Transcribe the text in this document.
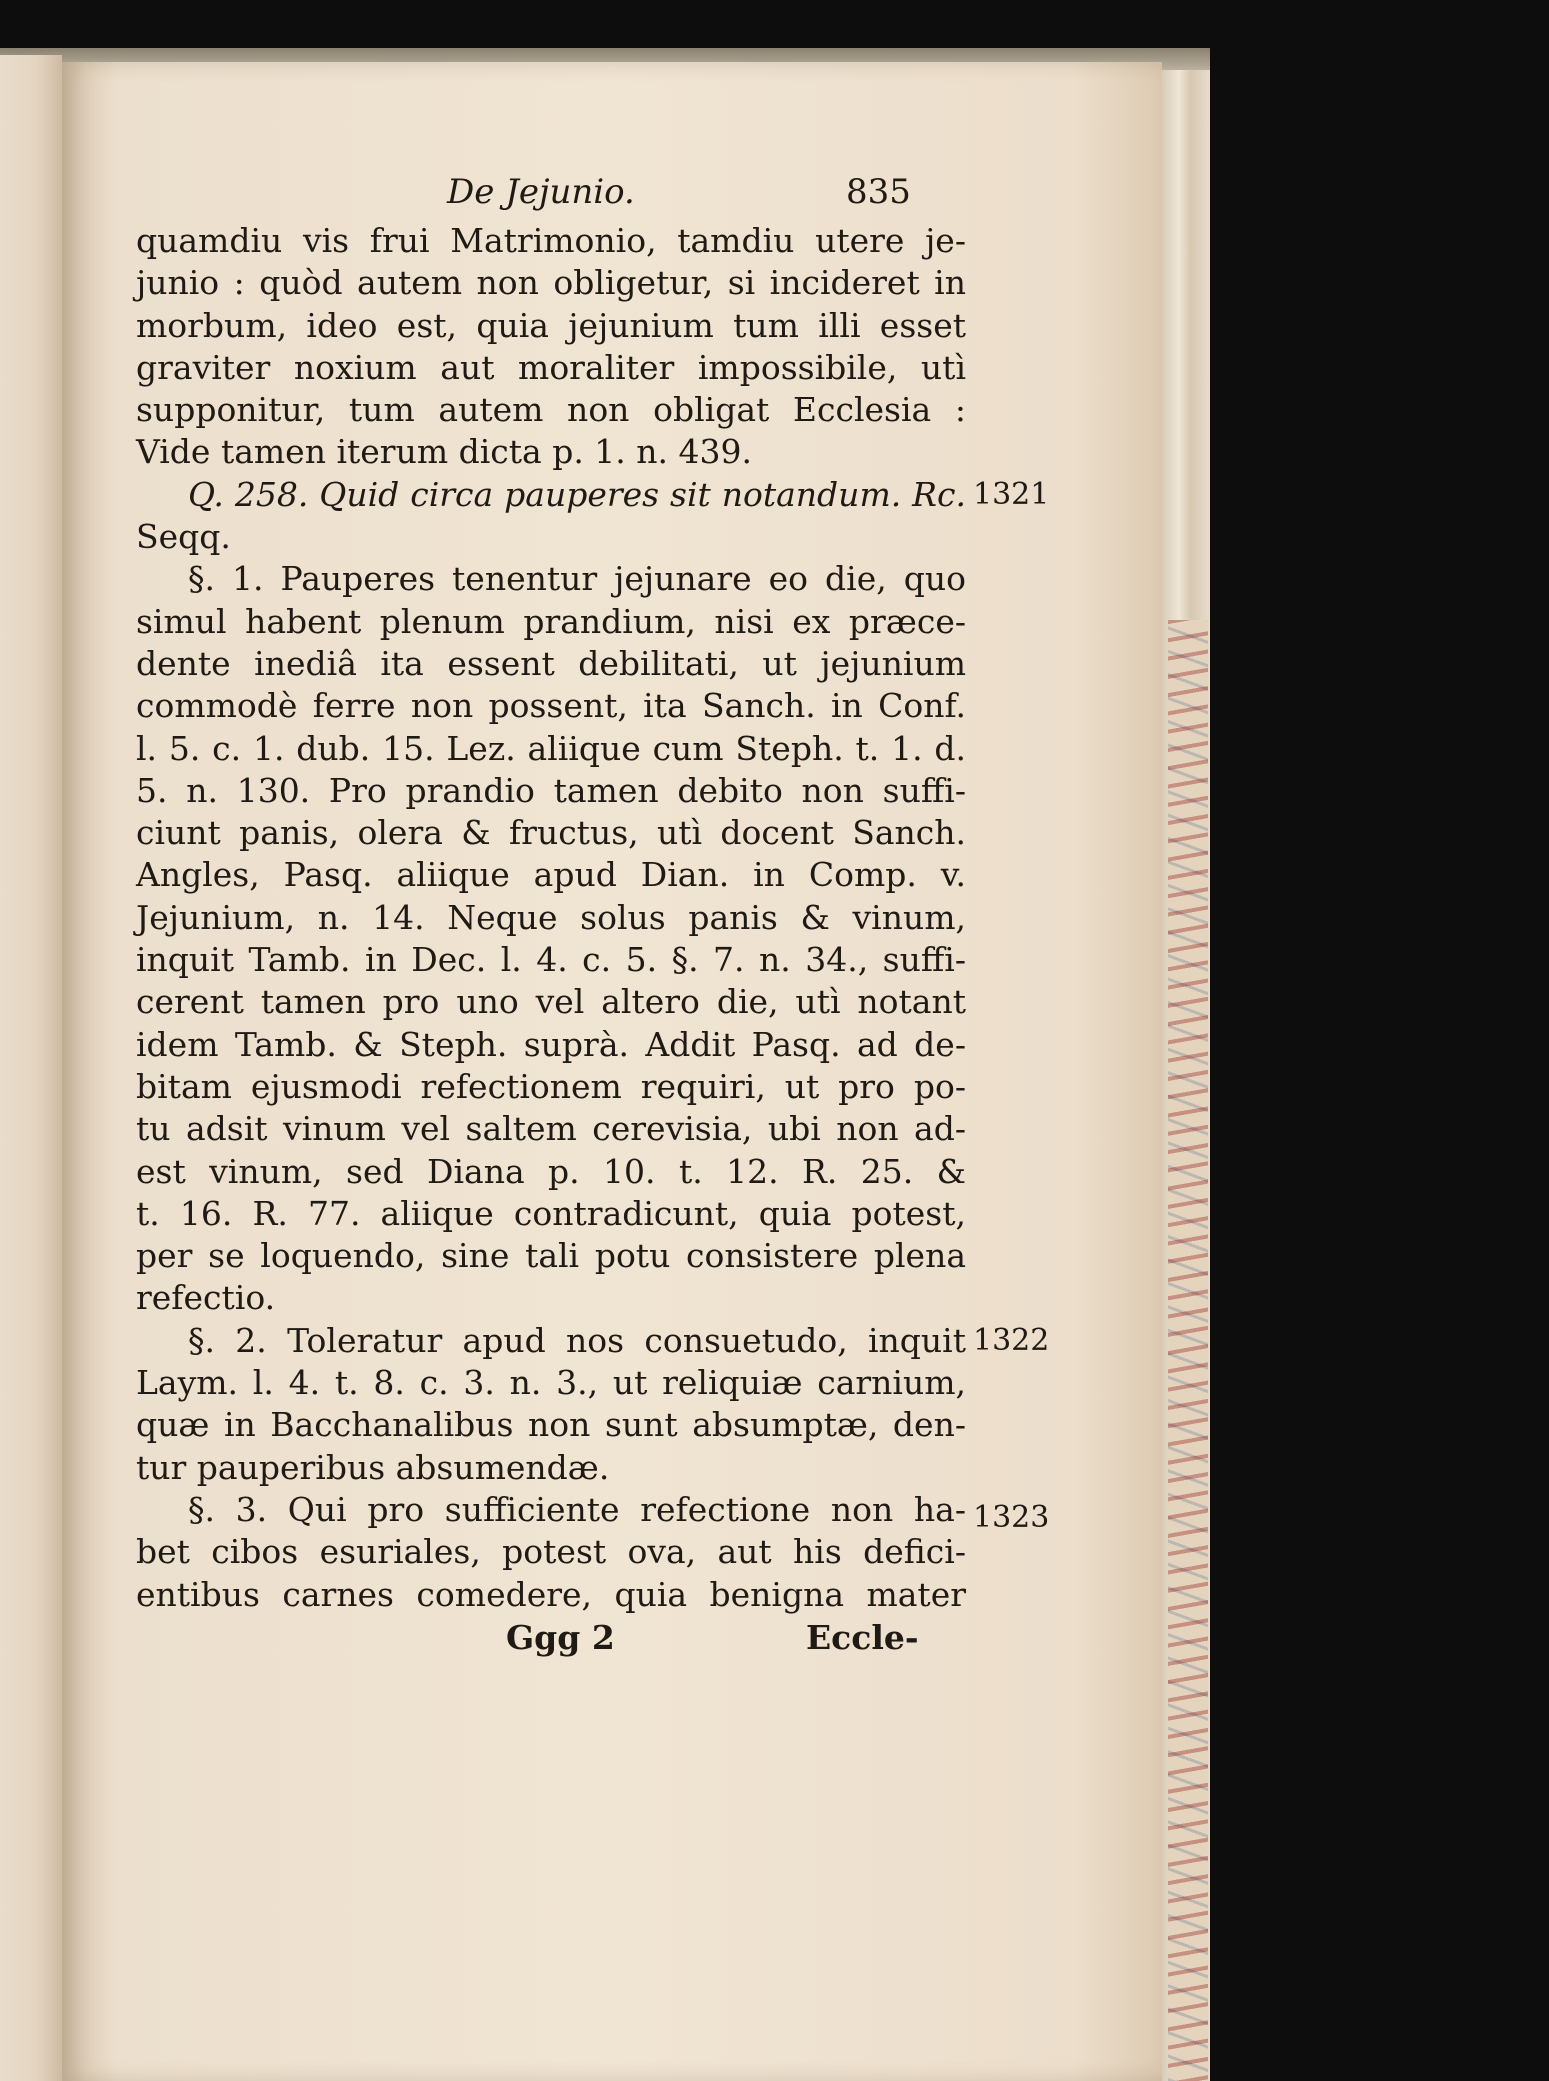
De Jejunio.	835
quamdiu vis frui Matrimonio, tamdiu utere je-
junio : quòd autem non obligetur, si incideret in
morbum, ideo est, quia jejunium tum illi esset
graviter noxium aut moraliter impossibile, utì
supponitur, tum autem non obligat Ecclesia :
Vide tamen iterum dicta p. 1. n. 439.
Q. 258. Quid circa pauperes sit notandum. Rc. 1321
Seqq.
§. 1. Pauperes tenentur jejunare eo die, quo
simul habent plenum prandium, nisi ex præce-
dente inediâ ita essent debilitati, ut jejunium
commodè ferre non possent, ita Sanch. in Conf.
l. 5. c. 1. dub. 15. Lez. aliique cum Steph. t. 1. d.
5. n. 130. Pro prandio tamen debito non suffi-
ciunt panis, olera & fructus, utì docent Sanch.
Angles, Pasq. aliique apud Dian. in Comp. v.
Jejunium, n. 14. Neque solus panis & vinum,
inquit Tamb. in Dec. l. 4. c. 5. §. 7. n. 34., suffi-
cerent tamen pro uno vel altero die, utì notant
idem Tamb. & Steph. suprà. Addit Pasq. ad de-
bitam ejusmodi refectionem requiri, ut pro po-
tu adsit vinum vel saltem cerevisia, ubi non ad-
est vinum, sed Diana p. 10. t. 12. R. 25. &
t. 16. R. 77. aliique contradicunt, quia potest,
per se loquendo, sine tali potu consistere plena
refectio.
§. 2. Toleratur apud nos consuetudo, inquit 1322
Laym. l. 4. t. 8. c. 3. n. 3., ut reliquiæ carnium,
quæ in Bacchanalibus non sunt absumptæ, den-
tur pauperibus absumendæ.
§. 3. Qui pro sufficiente refectione non ha- 1323
bet cibos esuriales, potest ova, aut his defici-
entibus carnes comedere, quia benigna mater
Ggg 2	Eccle-
